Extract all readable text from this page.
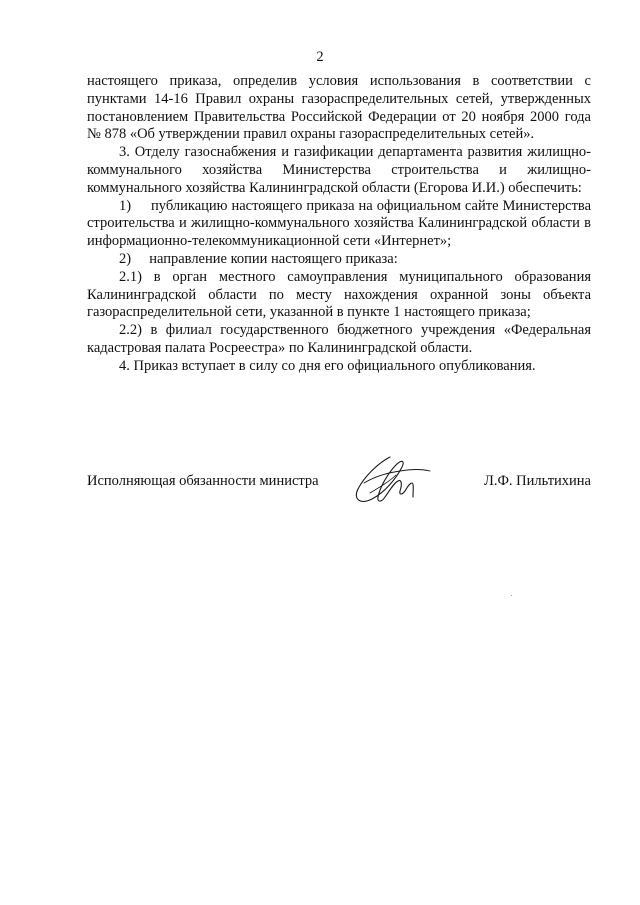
2

настоящего приказа, определив условия использования в соответствии с пунктами 14-16 Правил охраны газораспределительных сетей, утвержденных постановлением Правительства Российской Федерации от 20 ноября 2000 года № 878 «Об утверждении правил охраны газораспределительных сетей».

3. Отделу газоснабжения и газификации департамента развития жилищно-коммунального хозяйства Министерства строительства и жилищно-коммунального хозяйства Калининградской области (Егорова И.И.) обеспечить:

1) публикацию настоящего приказа на официальном сайте Министерства строительства и жилищно-коммунального хозяйства Калининградской области в информационно-телекоммуникационной сети «Интернет»;

2) направление копии настоящего приказа:

2.1) в орган местного самоуправления муниципального образования Калининградской области по месту нахождения охранной зоны объекта газораспределительной сети, указанной в пункте 1 настоящего приказа;

2.2) в филиал государственного бюджетного учреждения «Федеральная кадастровая палата Росреестра» по Калининградской области.

4. Приказ вступает в силу со дня его официального опубликования.

Исполняющая обязанности министра	Л.Ф. Пильтихина
